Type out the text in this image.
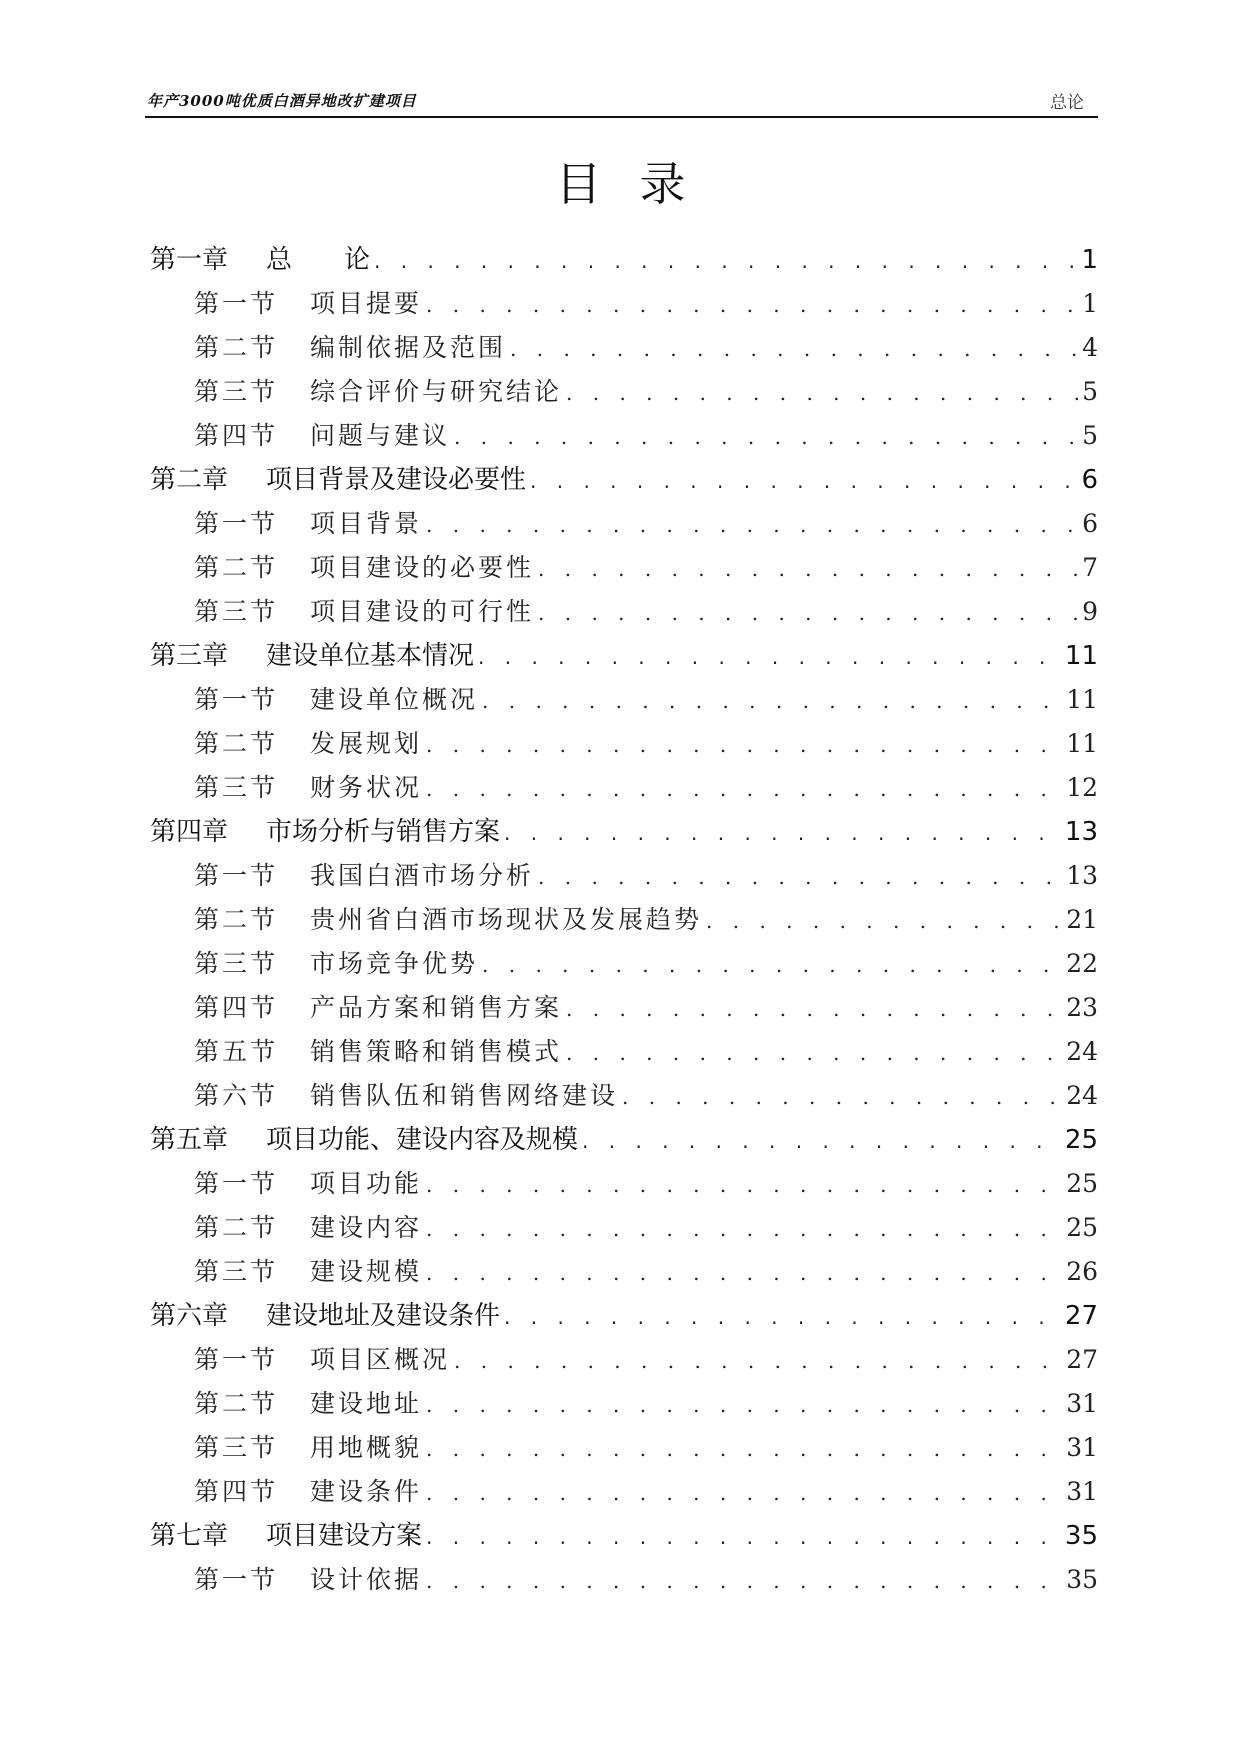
年产3000吨优质白酒异地改扩建项目	总论
目录
第一章	总　　论 . . .	1
第一节	项目提要 . . .	1
第二节	编制依据及范围 . . .	4
第三节	综合评价与研究结论 . . .	5
第四节	问题与建议 . . .	5
第二章	项目背景及建设必要性 . . .	6
第一节	项目背景 . . .	6
第二节	项目建设的必要性 . . .	7
第三节	项目建设的可行性 . . .	9
第三章	建设单位基本情况 . . .	11
第一节	建设单位概况 . . .	11
第二节	发展规划 . . .	11
第三节	财务状况 . . .	12
第四章	市场分析与销售方案 . . .	13
第一节	我国白酒市场分析 . . .	13
第二节	贵州省白酒市场现状及发展趋势 . . .	21
第三节	市场竞争优势 . . .	22
第四节	产品方案和销售方案 . . .	23
第五节	销售策略和销售模式 . . .	24
第六节	销售队伍和销售网络建设 . . .	24
第五章	项目功能、建设内容及规模 . . .	25
第一节	项目功能 . . .	25
第二节	建设内容 . . .	25
第三节	建设规模 . . .	26
第六章	建设地址及建设条件 . . .	27
第一节	项目区概况 . . .	27
第二节	建设地址 . . .	31
第三节	用地概貌 . . .	31
第四节	建设条件 . . .	31
第七章	项目建设方案 . . .	35
第一节	设计依据 . . .	35
